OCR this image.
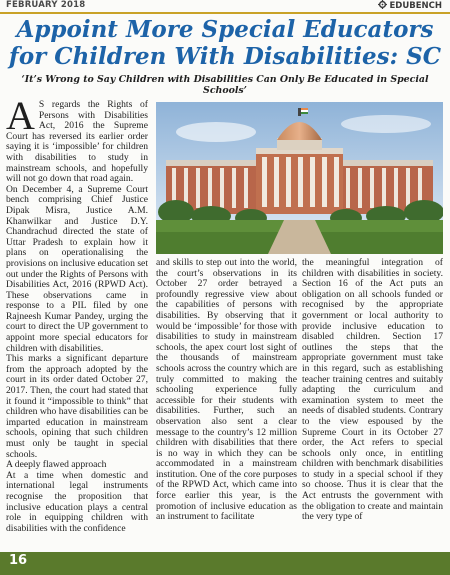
FEBRUARY 2018	EDUBENCH
Appoint More Special Educators
for Children With Disabilities: SC
‘It’s Wrong to Say Children with Disabilities Can Only Be Educated in Special Schools’

A S regards the Rights of Persons with Disabilities Act, 2016 the Supreme Court has reversed its earlier order saying it is ‘impossible’ for children with disabilities to study in mainstream schools, and hopefully will not go down that road again.

On December 4, a Supreme Court bench comprising Chief Justice Dipak Misra, Justice A.M. Khanwilkar and Justice D.Y. Chandrachud directed the state of Uttar Pradesh to explain how it plans on operationalising the provisions on inclusive education set out under the Rights of Persons with Disabilities Act, 2016 (RPWD Act). These observations came in response to a PIL filed by one Rajneesh Kumar Pandey, urging the court to direct the UP government to appoint more special educators for children with disabilities.

This marks a significant departure from the approach adopted by the court in its order dated October 27, 2017. Then, the court had stated that it found it “impossible to think” that children who have disabilities can be imparted education in mainstream schools, opining that such children must only be taught in special schools.

A deeply flawed approach

At a time when domestic and international legal instruments recognise the proposition that inclusive education plays a central role in equipping children with disabilities with the confidence

and skills to step out into the world, the court’s observations in its October 27 order betrayed a profoundly regressive view about the capabilities of persons with disabilities. By observing that it would be ‘impossible’ for those with disabilities to study in mainstream schools, the apex court lost sight of the thousands of mainstream schools across the country which are truly committed to making the schooling experience fully accessible for their students with disabilities. Further, such an observation also sent a clear message to the country’s 12 million children with disabilities that there is no way in which they can be accommodated in a mainstream institution. One of the core purposes of the RPWD Act, which came into force earlier this year, is the promotion of inclusive education as an instrument to facilitate

the meaningful integration of children with disabilities in society. Section 16 of the Act puts an obligation on all schools funded or recognised by the appropriate government or local authority to provide inclusive education to disabled children. Section 17 outlines the steps that the appropriate government must take in this regard, such as establishing teacher training centres and suitably adapting the curriculum and examination system to meet the needs of disabled students. Contrary to the view espoused by the Supreme Court in its October 27 order, the Act refers to special schools only once, in entitling children with benchmark disabilities to study in a special school if they so choose. Thus it is clear that the Act entrusts the government with the obligation to create and maintain the very type of

16
